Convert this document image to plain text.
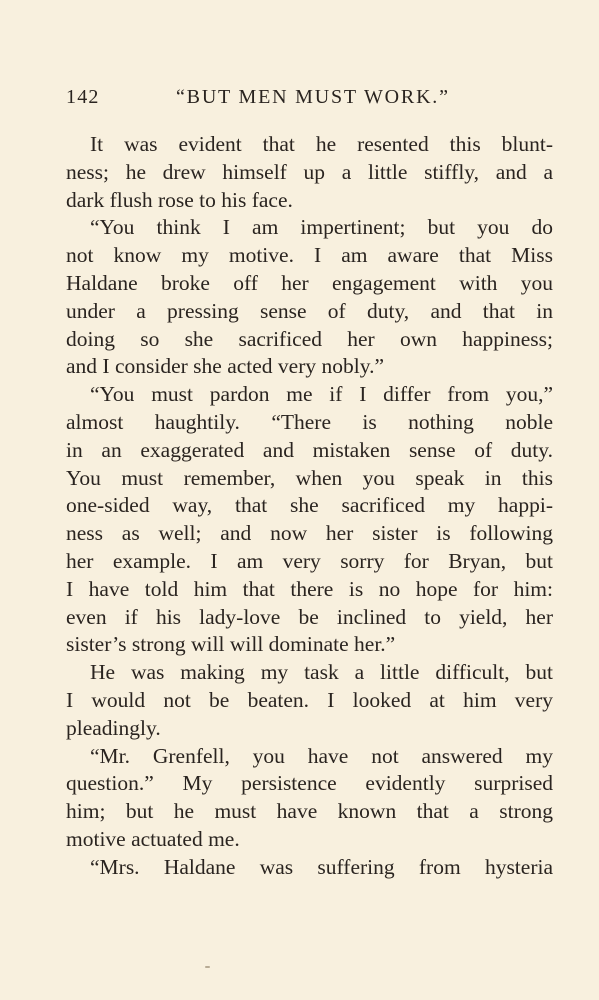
142	“BUT MEN MUST WORK.”
It was evident that he resented this blunt-
ness; he drew himself up a little stiffly, and a
dark flush rose to his face.
“You think I am impertinent; but you do
not know my motive. I am aware that Miss
Haldane broke off her engagement with you
under a pressing sense of duty, and that in
doing so she sacrificed her own happiness;
and I consider she acted very nobly.”
“You must pardon me if I differ from you,”
almost haughtily. “There is nothing noble
in an exaggerated and mistaken sense of duty.
You must remember, when you speak in this
one-sided way, that she sacrificed my happi-
ness as well; and now her sister is following
her example. I am very sorry for Bryan, but
I have told him that there is no hope for him:
even if his lady-love be inclined to yield, her
sister’s strong will will dominate her.”
He was making my task a little difficult, but
I would not be beaten. I looked at him very
pleadingly.
“Mr. Grenfell, you have not answered my
question.” My persistence evidently surprised
him; but he must have known that a strong
motive actuated me.
“Mrs. Haldane was suffering from hysteria
